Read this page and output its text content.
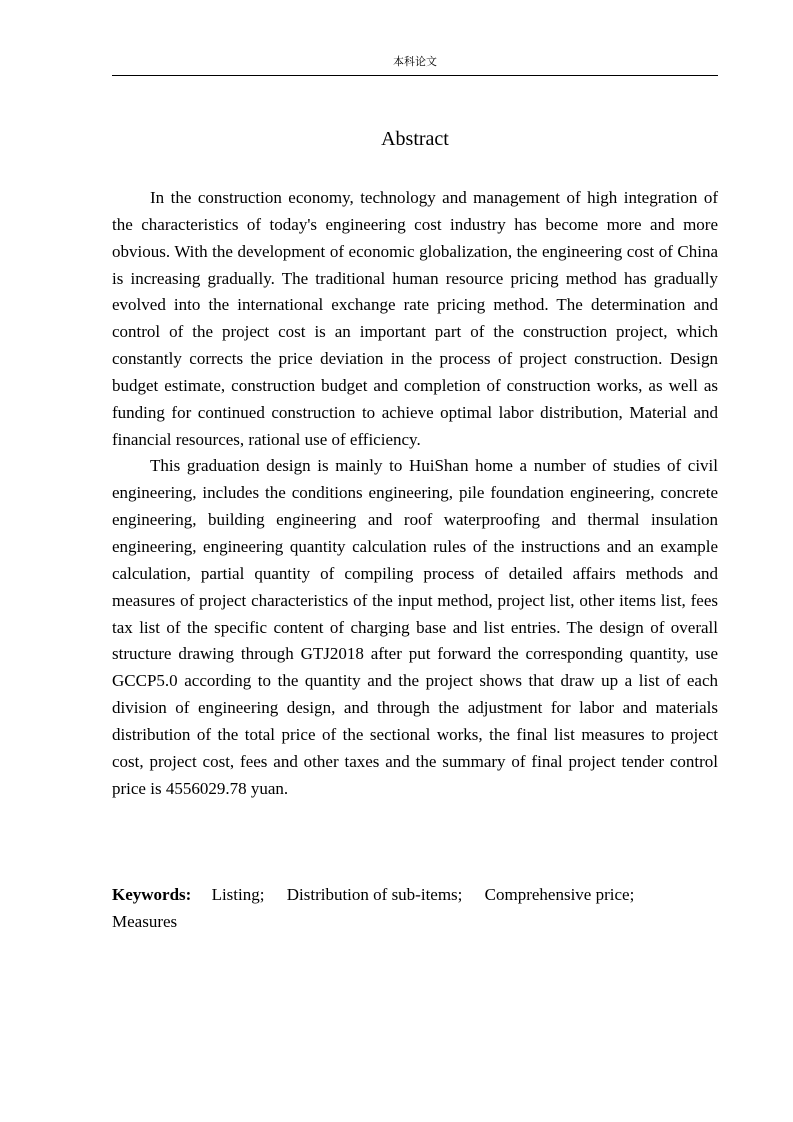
本科论文
Abstract

In the construction economy, technology and management of high integration of the characteristics of today's engineering cost industry has become more and more obvious. With the development of economic globalization, the engineering cost of China is increasing gradually. The traditional human resource pricing method has gradually evolved into the international exchange rate pricing method. The determination and control of the project cost is an important part of the construction project, which constantly corrects the price deviation in the process of project construction. Design budget estimate, construction budget and completion of construction works, as well as funding for continued construction to achieve optimal labor distribution, Material and financial resources, rational use of efficiency.

This graduation design is mainly to HuiShan home a number of studies of civil engineering, includes the conditions engineering, pile foundation engineering, concrete engineering, building engineering and roof waterproofing and thermal insulation engineering, engineering quantity calculation rules of the instructions and an example calculation, partial quantity of compiling process of detailed affairs methods and measures of project characteristics of the input method, project list, other items list, fees tax list of the specific content of charging base and list entries. The design of overall structure drawing through GTJ2018 after put forward the corresponding quantity, use GCCP5.0 according to the quantity and the project shows that draw up a list of each division of engineering design, and through the adjustment for labor and materials distribution of the total price of the sectional works, the final list measures to project cost, project cost, fees and other taxes and the summary of final project tender control price is 4556029.78 yuan.

Keywords: Listing; Distribution of sub-items; Comprehensive price;
Measures
